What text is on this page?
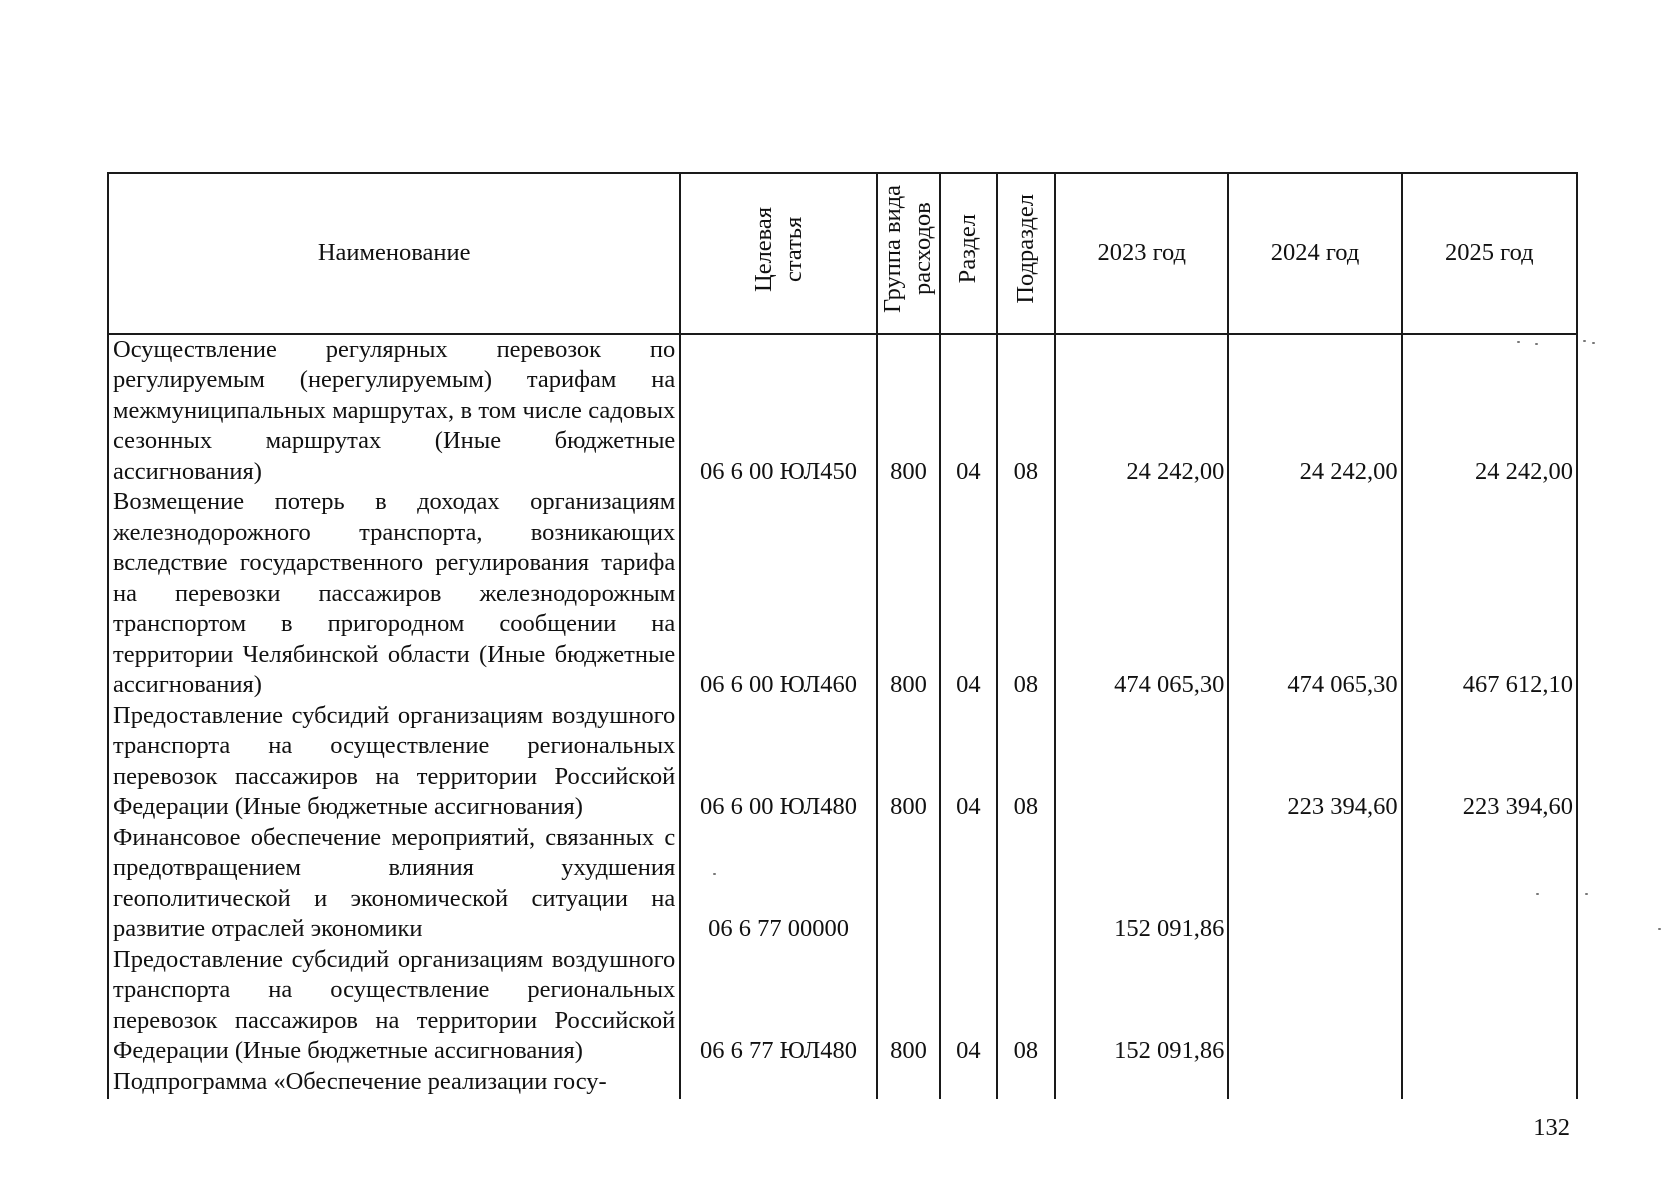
Наименование	Целевая статья	Группа вида расходов	Раздел	Подраздел	2023 год	2024 год	2025 год
Осуществление регулярных перевозок по регулируемым (нерегулируемым) тарифам на межмуниципальных маршрутах, в том числе садовых сезонных маршрутах (Иные бюджетные ассигнования)	06 6 00 ЮЛ450	800	04	08	24 242,00	24 242,00	24 242,00
Возмещение потерь в доходах организациям железнодорожного транспорта, возникающих вследствие государственного регулирования тарифа на перевозки пассажиров железнодорожным транспортом в пригородном сообщении на территории Челябинской области (Иные бюджетные ассигнования)	06 6 00 ЮЛ460	800	04	08	474 065,30	474 065,30	467 612,10
Предоставление субсидий организациям воздушного транспорта на осуществление региональных перевозок пассажиров на территории Российской Федерации (Иные бюджетные ассигнования)	06 6 00 ЮЛ480	800	04	08		223 394,60	223 394,60
Финансовое обеспечение мероприятий, связанных с предотвращением влияния ухудшения геополитической и экономической ситуации на развитие отраслей экономики	06 6 77 00000				152 091,86		
Предоставление субсидий организациям воздушного транспорта на осуществление региональных перевозок пассажиров на территории Российской Федерации (Иные бюджетные ассигнования)	06 6 77 ЮЛ480	800	04	08	152 091,86		
Подпрограмма «Обеспечение реализации госу-							
132
